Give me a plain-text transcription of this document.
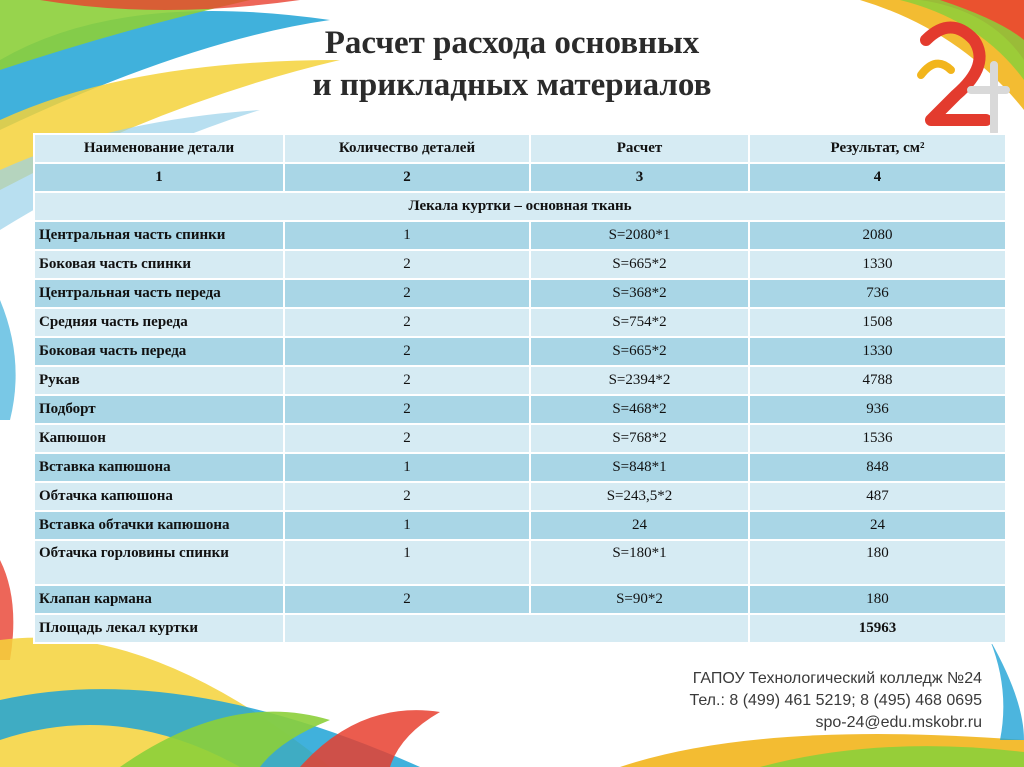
Расчет расхода основных
и прикладных материалов
Наименование детали	Количество деталей	Расчет	Результат, см²
1	2	3	4
Лекала куртки – основная ткань			
Центральная часть спинки	1	S=2080*1	2080
Боковая часть спинки	2	S=665*2	1330
Центральная часть переда	2	S=368*2	736
Средняя часть переда	2	S=754*2	1508
Боковая часть переда	2	S=665*2	1330
Рукав	2	S=2394*2	4788
Подборт	2	S=468*2	936
Капюшон	2	S=768*2	1536
Вставка капюшона	1	S=848*1	848
Обтачка капюшона	2	S=243,5*2	487
Вставка обтачки капюшона	1	24	24
Обтачка горловины спинки	1	S=180*1	180
Клапан кармана	2	S=90*2	180
Площадь лекал куртки			15963
ГАПОУ Технологический колледж №24
Тел.: 8 (499) 461 5219; 8 (495) 468 0695
spo-24@edu.mskobr.ru
